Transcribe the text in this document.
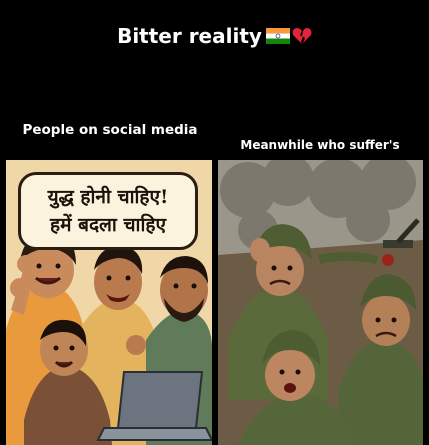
Bitter reality
People on social media
Meanwhile who suffer's
युद्ध होनी चाहिए!
हमें बदला चाहिए
